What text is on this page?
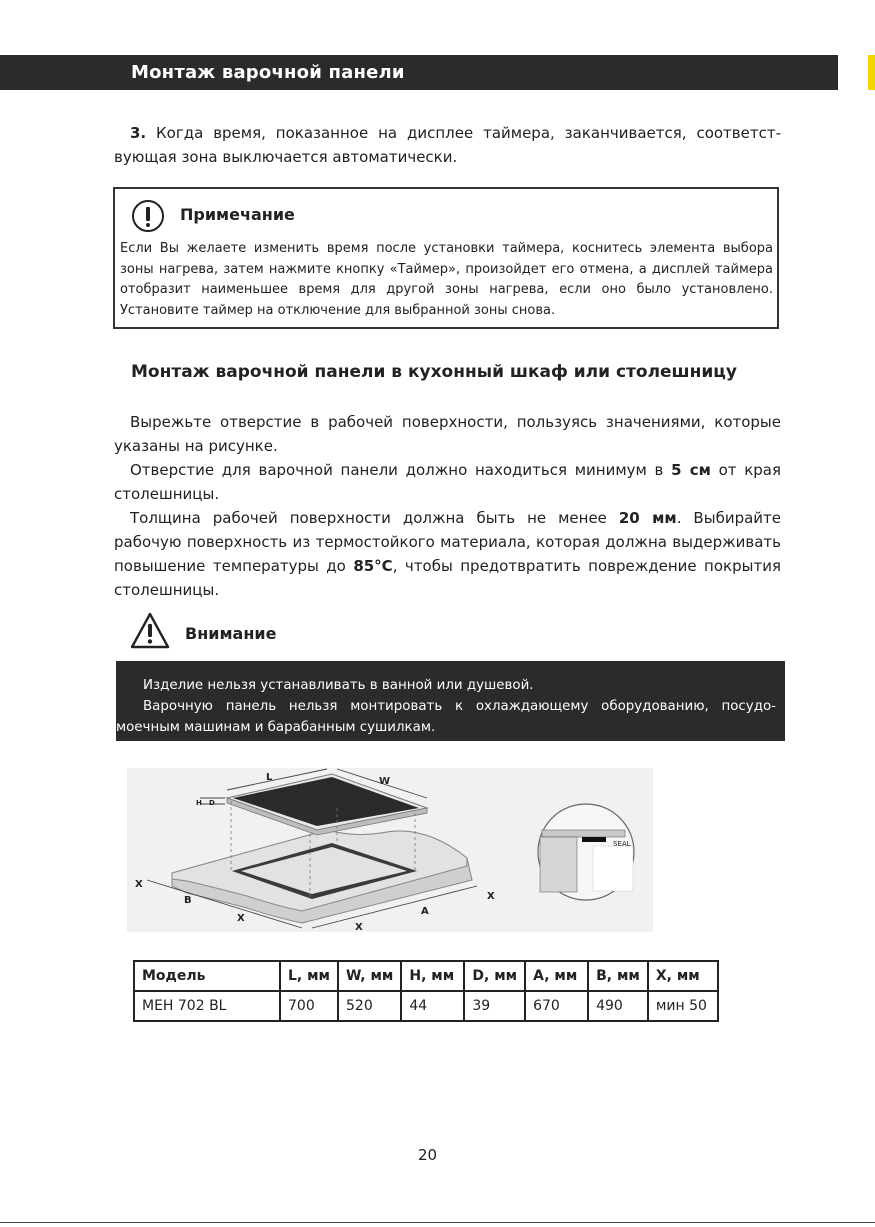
Монтаж варочной панели
3. Когда время, показанное на дисплее таймера, заканчивается, соответст-вующая зона выключается автоматически.
Примечание
Если Вы желаете изменить время после установки таймера, коснитесь элемента выбора зоны нагрева, затем нажмите кнопку «Таймер», произойдет его отмена, а дисплей таймера отобразит наименьшее время для другой зоны нагрева, если оно было установлено. Установите таймер на отключение для выбранной зоны снова.
Монтаж варочной панели в кухонный шкаф или столешницу
Вырежьте отверстие в рабочей поверхности, пользуясь значениями, которые указаны на рисунке.
Отверстие для варочной панели должно находиться минимум в 5 см от края столешницы.
Толщина рабочей поверхности должна быть не менее 20 мм. Выбирайте рабочую поверхность из термостойкого материала, которая должна выдерживать повышение температуры до 85°С, чтобы предотвратить повреждение покрытия столешницы.
Внимание

Изделие нельзя устанавливать в ванной или душевой.

Варочную панель нельзя монтировать к охлаждающему оборудованию, посудо-моечным машинам и барабанным сушилкам.

L	W
H D
X
B
X
X
A
X
SEAL
Модель	L, мм	W, мм	H, мм	D, мм	A, мм	B, мм	X, мм
MEH 702 BL	700	520	44	39	670	490	мин 50
20
